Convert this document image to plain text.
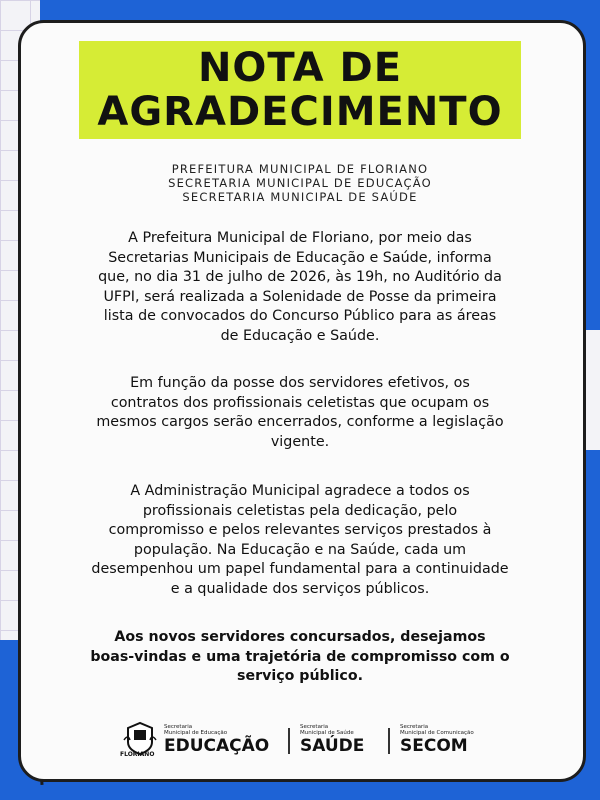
NOTA DE
AGRADECIMENTO
PREFEITURA MUNICIPAL DE FLORIANO
SECRETARIA MUNICIPAL DE EDUCAÇÃO
SECRETARIA MUNICIPAL DE SAÚDE
A Prefeitura Municipal de Floriano, por meio das
Secretarias Municipais de Educação e Saúde, informa
que, no dia 31 de julho de 2026, às 19h, no Auditório da
UFPI, será realizada a Solenidade de Posse da primeira
lista de convocados do Concurso Público para as áreas
de Educação e Saúde.
Em função da posse dos servidores efetivos, os
contratos dos profissionais celetistas que ocupam os
mesmos cargos serão encerrados, conforme a legislação
vigente.
A Administração Municipal agradece a todos os
profissionais celetistas pela dedicação, pelo
compromisso e pelos relevantes serviços prestados à
população. Na Educação e na Saúde, cada um
desempenhou um papel fundamental para a continuidade
e a qualidade dos serviços públicos.
Aos novos servidores concursados, desejamos
boas-vindas e uma trajetória de compromisso com o
serviço público.
FLORIANO
Secretaria
Municipal de Educação
EDUCAÇÃO
Secretaria
Municipal de Saúde
SAÚDE
Secretaria
Municipal de Comunicação
SECOM
